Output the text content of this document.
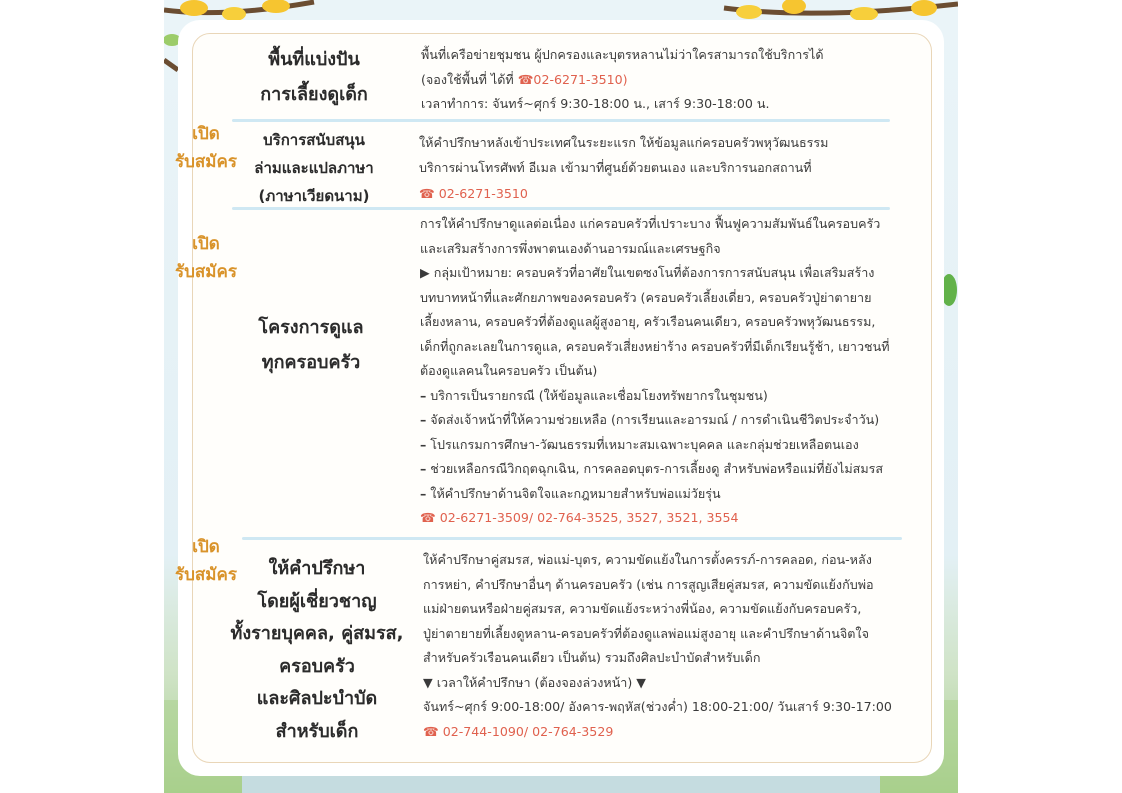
เปิด
รับสมัคร
เปิด
รับสมัคร
เปิด
รับสมัคร
พื้นที่แบ่งปัน
การเลี้ยงดูเด็ก
พื้นที่เครือข่ายชุมชน ผู้ปกครองและบุตรหลานไม่ว่าใครสามารถใช้บริการได้
(จองใช้พื้นที่ ได้ที่ ☎02-6271-3510)
เวลาทำการ: จันทร์~ศุกร์ 9:30-18:00 น., เสาร์ 9:30-18:00 น.
บริการสนับสนุน
ล่ามและแปลภาษา
(ภาษาเวียดนาม)
ให้คำปรึกษาหลังเข้าประเทศในระยะแรก ให้ข้อมูลแก่ครอบครัวพหุวัฒนธรรม
บริการผ่านโทรศัพท์ อีเมล เข้ามาที่ศูนย์ด้วยตนเอง และบริการนอกสถานที่
☎ 02-6271-3510
โครงการดูแล
ทุกครอบครัว
การให้คำปรึกษาดูแลต่อเนื่อง แก่ครอบครัวที่เปราะบาง ฟื้นฟูความสัมพันธ์ในครอบครัว
และเสริมสร้างการพึ่งพาตนเองด้านอารมณ์และเศรษฐกิจ
▶ กลุ่มเป้าหมาย: ครอบครัวที่อาศัยในเขตซงโนที่ต้องการการสนับสนุน เพื่อเสริมสร้าง
บทบาทหน้าที่และศักยภาพของครอบครัว (ครอบครัวเลี้ยงเดี่ยว, ครอบครัวปู่ย่าตายาย
เลี้ยงหลาน, ครอบครัวที่ต้องดูแลผู้สูงอายุ, ครัวเรือนคนเดียว, ครอบครัวพหุวัฒนธรรม,
เด็กที่ถูกละเลยในการดูแล, ครอบครัวเสี่ยงหย่าร้าง ครอบครัวที่มีเด็กเรียนรู้ช้า, เยาวชนที่
ต้องดูแลคนในครอบครัว เป็นต้น)
– บริการเป็นรายกรณี (ให้ข้อมูลและเชื่อมโยงทรัพยากรในชุมชน)
– จัดส่งเจ้าหน้าที่ให้ความช่วยเหลือ (การเรียนและอารมณ์ / การดำเนินชีวิตประจำวัน)
– โปรแกรมการศึกษา-วัฒนธรรมที่เหมาะสมเฉพาะบุคคล และกลุ่มช่วยเหลือตนเอง
– ช่วยเหลือกรณีวิกฤตฉุกเฉิน, การคลอดบุตร-การเลี้ยงดู สำหรับพ่อหรือแม่ที่ยังไม่สมรส
– ให้คำปรึกษาด้านจิตใจและกฎหมายสำหรับพ่อแม่วัยรุ่น
☎ 02-6271-3509/ 02-764-3525, 3527, 3521, 3554
ให้คำปรึกษา
โดยผู้เชี่ยวชาญ
ทั้งรายบุคคล, คู่สมรส,
ครอบครัว
และศิลปะบำบัด
สำหรับเด็ก
ให้คำปรึกษาคู่สมรส, พ่อแม่-บุตร, ความขัดแย้งในการตั้งครรภ์-การคลอด, ก่อน-หลัง
การหย่า, คำปรึกษาอื่นๆ ด้านครอบครัว (เช่น การสูญเสียคู่สมรส, ความขัดแย้งกับพ่อ
แม่ฝ่ายตนหรือฝ่ายคู่สมรส, ความขัดแย้งระหว่างพี่น้อง, ความขัดแย้งกับครอบครัว,
ปู่ย่าตายายที่เลี้ยงดูหลาน-ครอบครัวที่ต้องดูแลพ่อแม่สูงอายุ และคำปรึกษาด้านจิตใจ
สำหรับครัวเรือนคนเดียว เป็นต้น) รวมถึงศิลปะบำบัดสำหรับเด็ก
▼ เวลาให้คำปรึกษา (ต้องจองล่วงหน้า) ▼
จันทร์~ศุกร์ 9:00-18:00/ อังคาร-พฤหัส(ช่วงค่ำ) 18:00-21:00/ วันเสาร์ 9:30-17:00
☎ 02-744-1090/ 02-764-3529
